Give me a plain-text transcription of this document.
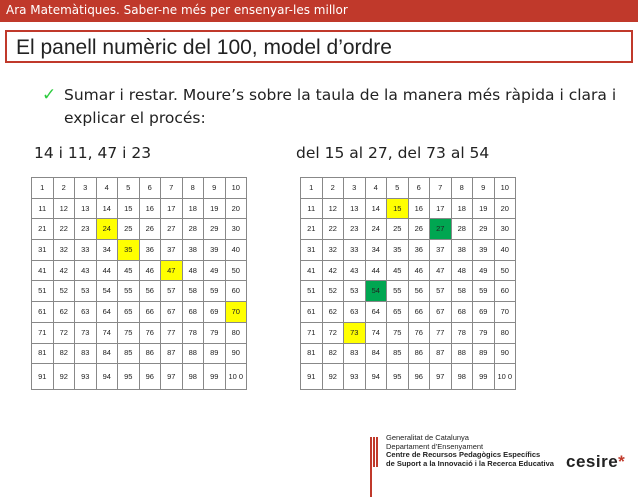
Ara Matemàtiques. Saber-ne més per ensenyar-les millor
El panell numèric del 100, model d’ordre
✓ Sumar i restar. Moure’s sobre la taula de la manera més ràpida i clara i explicar el procés:
14 i 11, 47 i 23	del 15 al 27, del 73 al 54
1	2	3	4	5	6	7	8	9	10
11	12	13	14	15	16	17	18	19	20
21	22	23	24	25	26	27	28	29	30
31	32	33	34	35	36	37	38	39	40
41	42	43	44	45	46	47	48	49	50
51	52	53	54	55	56	57	58	59	60
61	62	63	64	65	66	67	68	69	70
71	72	73	74	75	76	77	78	79	80
81	82	83	84	85	86	87	88	89	90
91	92	93	94	95	96	97	98	99	10 0
1	2	3	4	5	6	7	8	9	10
11	12	13	14	15	16	17	18	19	20
21	22	23	24	25	26	27	28	29	30
31	32	33	34	35	36	37	38	39	40
41	42	43	44	45	46	47	48	49	50
51	52	53	54	55	56	57	58	59	60
61	62	63	64	65	66	67	68	69	70
71	72	73	74	75	76	77	78	79	80
81	82	83	84	85	86	87	88	89	90
91	92	93	94	95	96	97	98	99	10 0
Generalitat de Catalunya
Departament d’Ensenyament
Centre de Recursos Pedagògics Específics
de Suport a la Innovació i la Recerca Educativa cesire*
